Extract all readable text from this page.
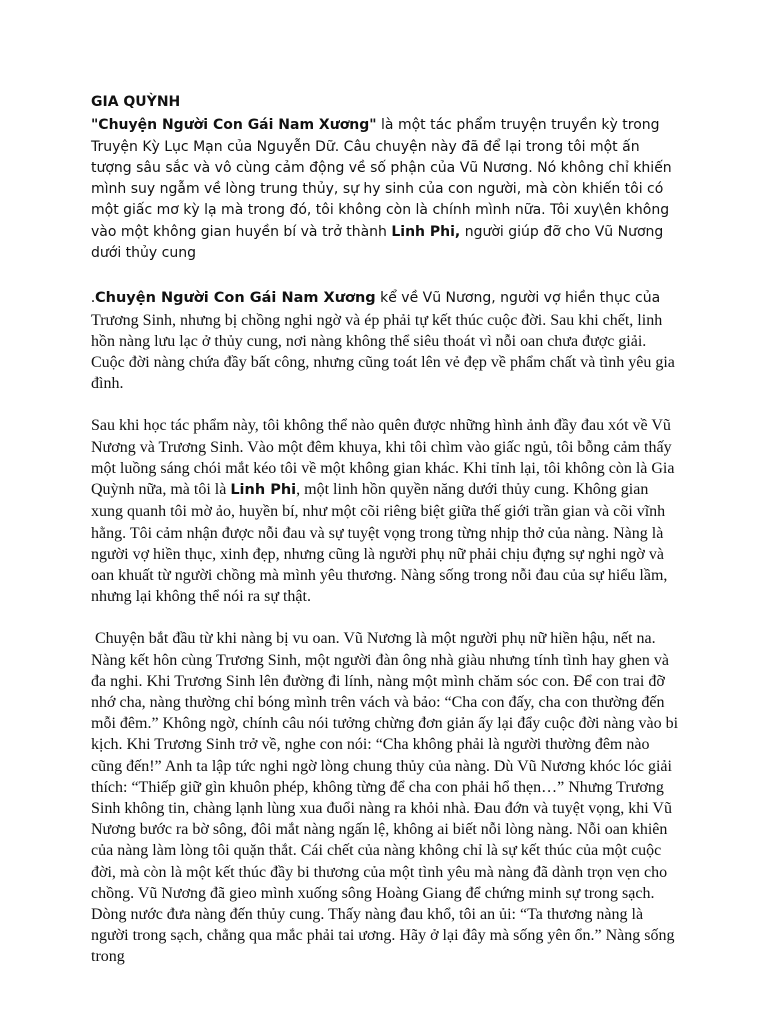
GIA QUỲNH

"Chuyện Người Con Gái Nam Xương" là một tác phẩm truyện truyền kỳ trong Truyện Kỳ Lục Mạn của Nguyễn Dữ. Câu chuyện này đã để lại trong tôi một ấn tượng sâu sắc và vô cùng cảm động về số phận của Vũ Nương. Nó không chỉ khiến mình suy ngẫm về lòng trung thủy, sự hy sinh của con người, mà còn khiến tôi có một giấc mơ kỳ lạ mà trong đó, tôi không còn là chính mình nữa. Tôi xuy\ên không vào một không gian huyền bí và trở thành Linh Phi, người giúp đỡ cho Vũ Nương dưới thủy cung

.Chuyện Người Con Gái Nam Xương kể về Vũ Nương, người vợ hiền thục của Trương Sinh, nhưng bị chồng nghi ngờ và ép phải tự kết thúc cuộc đời. Sau khi chết, linh hồn nàng lưu lạc ở thủy cung, nơi nàng không thể siêu thoát vì nỗi oan chưa được giải. Cuộc đời nàng chứa đầy bất công, nhưng cũng toát lên vẻ đẹp về phẩm chất và tình yêu gia đình.

Sau khi học tác phẩm này, tôi không thể nào quên được những hình ảnh đầy đau xót về Vũ Nương và Trương Sinh. Vào một đêm khuya, khi tôi chìm vào giấc ngủ, tôi bỗng cảm thấy một luồng sáng chói mắt kéo tôi về một không gian khác. Khi tỉnh lại, tôi không còn là Gia Quỳnh nữa, mà tôi là Linh Phi, một linh hồn quyền năng dưới thủy cung. Không gian xung quanh tôi mờ ảo, huyền bí, như một cõi riêng biệt giữa thế giới trần gian và cõi vĩnh hằng. Tôi cảm nhận được nỗi đau và sự tuyệt vọng trong từng nhịp thở của nàng. Nàng là người vợ hiền thục, xinh đẹp, nhưng cũng là người phụ nữ phải chịu đựng sự nghi ngờ và oan khuất từ người chồng mà mình yêu thương. Nàng sống trong nỗi đau của sự hiểu lầm, nhưng lại không thể nói ra sự thật.

Chuyện bắt đầu từ khi nàng bị vu oan. Vũ Nương là một người phụ nữ hiền hậu, nết na. Nàng kết hôn cùng Trương Sinh, một người đàn ông nhà giàu nhưng tính tình hay ghen và đa nghi. Khi Trương Sinh lên đường đi lính, nàng một mình chăm sóc con. Để con trai đỡ nhớ cha, nàng thường chỉ bóng mình trên vách và bảo: “Cha con đấy, cha con thường đến mỗi đêm.” Không ngờ, chính câu nói tưởng chừng đơn giản ấy lại đẩy cuộc đời nàng vào bi kịch. Khi Trương Sinh trở về, nghe con nói: “Cha không phải là người thường đêm nào cũng đến!” Anh ta lập tức nghi ngờ lòng chung thủy của nàng. Dù Vũ Nương khóc lóc giải thích: “Thiếp giữ gìn khuôn phép, không từng để cha con phải hổ thẹn…” Nhưng Trương Sinh không tin, chàng lạnh lùng xua đuổi nàng ra khỏi nhà. Đau đớn và tuyệt vọng, khi Vũ Nương bước ra bờ sông, đôi mắt nàng ngấn lệ, không ai biết nỗi lòng nàng. Nỗi oan khiên của nàng làm lòng tôi quặn thắt. Cái chết của nàng không chỉ là sự kết thúc của một cuộc đời, mà còn là một kết thúc đầy bi thương của một tình yêu mà nàng đã dành trọn vẹn cho chồng. Vũ Nương đã gieo mình xuống sông Hoàng Giang để chứng minh sự trong sạch. Dòng nước đưa nàng đến thủy cung. Thấy nàng đau khổ, tôi an ủi: “Ta thương nàng là người trong sạch, chẳng qua mắc phải tai ương. Hãy ở lại đây mà sống yên ổn.” Nàng sống trong
